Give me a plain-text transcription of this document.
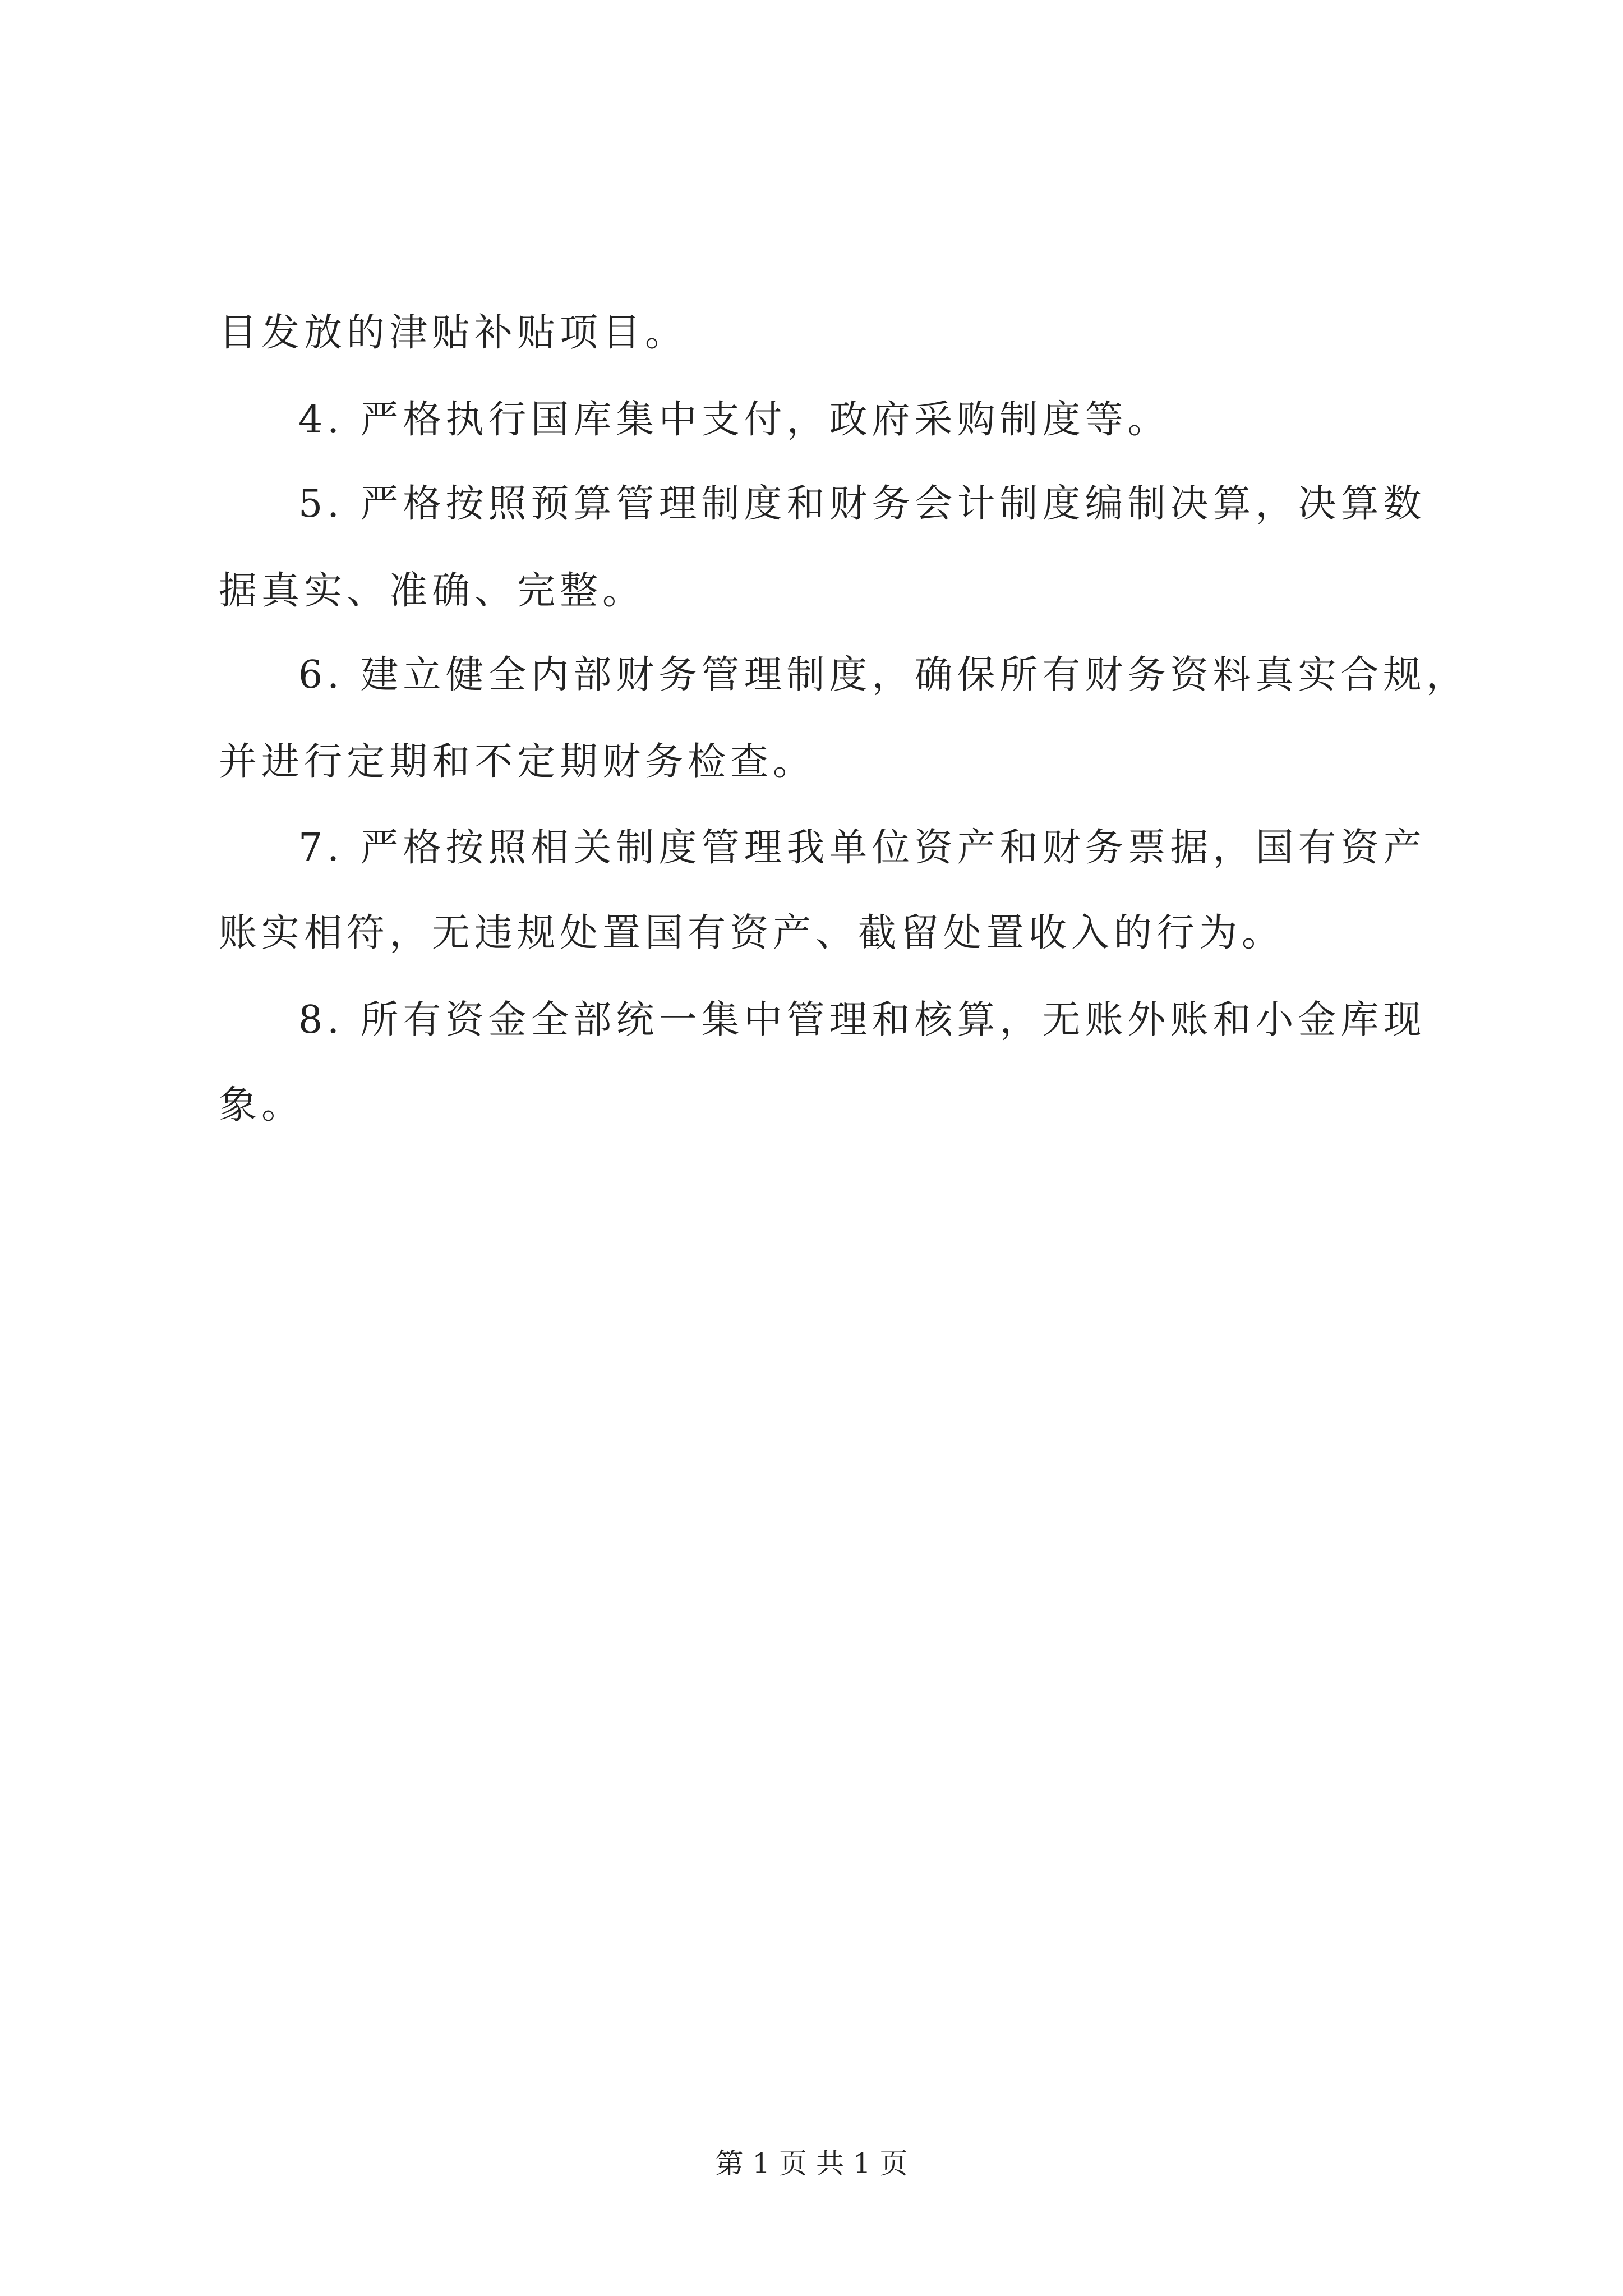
目发放的津贴补贴项目。

4. 严格执行国库集中支付，政府采购制度等。

5. 严格按照预算管理制度和财务会计制度编制决算，决算数

据真实、准确、完整。

6. 建立健全内部财务管理制度，确保所有财务资料真实合规，

并进行定期和不定期财务检查。

7. 严格按照相关制度管理我单位资产和财务票据，国有资产

账实相符，无违规处置国有资产、截留处置收入的行为。

8. 所有资金全部统一集中管理和核算，无账外账和小金库现

象。

第 1 页 共 1 页
